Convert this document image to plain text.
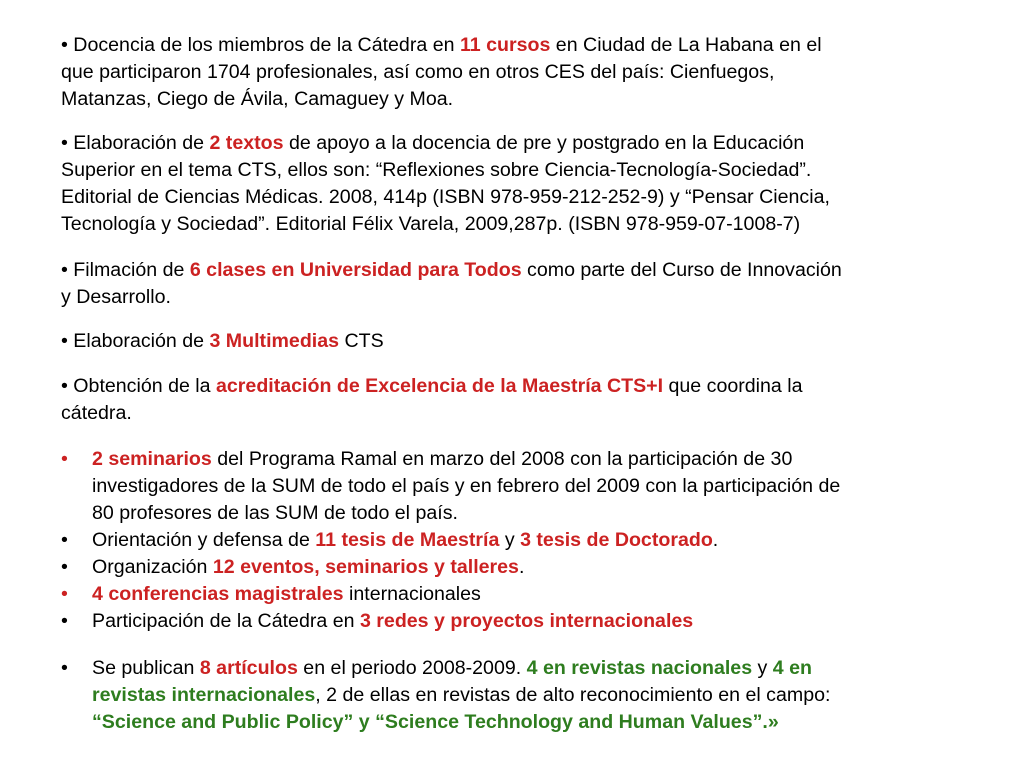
• Docencia de los miembros de la Cátedra en 11 cursos en Ciudad de La Habana en el
que participaron 1704 profesionales, así como en otros CES del país: Cienfuegos,
Matanzas, Ciego de Ávila, Camaguey y Moa.
• Elaboración de 2 textos de apoyo a la docencia de pre y postgrado en la Educación
Superior en el tema CTS, ellos son: “Reflexiones sobre Ciencia-Tecnología-Sociedad”.
Editorial de Ciencias Médicas. 2008, 414p (ISBN 978-959-212-252-9) y “Pensar Ciencia,
Tecnología y Sociedad”. Editorial Félix Varela, 2009,287p. (ISBN 978-959-07-1008-7)
• Filmación de 6 clases en Universidad para Todos como parte del Curso de Innovación
y Desarrollo.
• Elaboración de 3 Multimedias CTS
• Obtención de la acreditación de Excelencia de la Maestría CTS+I que coordina la
cátedra.
• 2 seminarios del Programa Ramal en marzo del 2008 con la participación de 30
investigadores de la SUM de todo el país y en febrero del 2009 con la participación de
80 profesores de las SUM de todo el país.
• Orientación y defensa de 11 tesis de Maestría y 3 tesis de Doctorado.
• Organización 12 eventos, seminarios y talleres.
• 4 conferencias magistrales internacionales
• Participación de la Cátedra en 3 redes y proyectos internacionales
• Se publican 8 artículos en el periodo 2008-2009. 4 en revistas nacionales y 4 en
revistas internacionales, 2 de ellas en revistas de alto reconocimiento en el campo:
“Science and Public Policy” y “Science Technology and Human Values”.»
